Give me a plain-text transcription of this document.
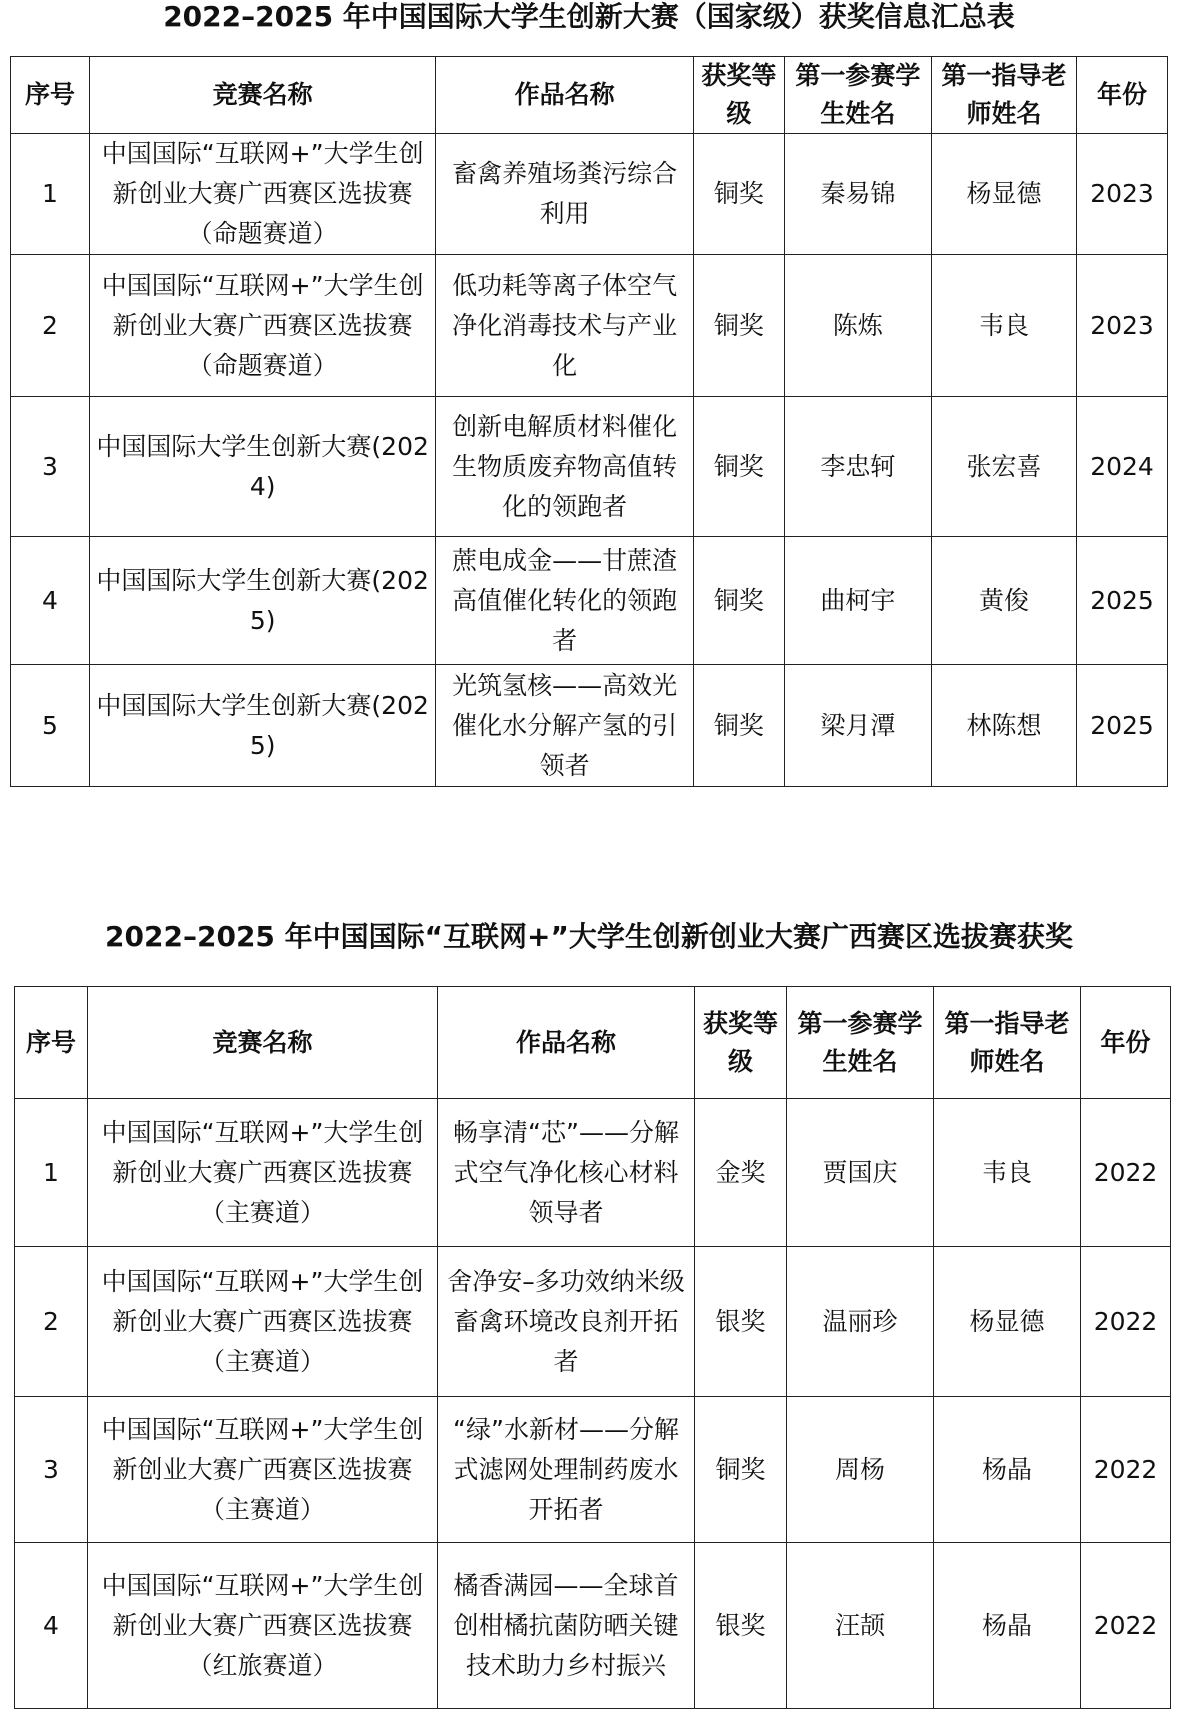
2022–2025 年中国国际大学生创新大赛（国家级）获奖信息汇总表
序号	竞赛名称	作品名称	获奖等级	第一参赛学生姓名	第一指导老师姓名	年份
1	中国国际“互联网+”大学生创新创业大赛广西赛区选拔赛（命题赛道）	畜禽养殖场粪污综合利用	铜奖	秦易锦	杨显德	2023
2	中国国际“互联网+”大学生创新创业大赛广西赛区选拔赛（命题赛道）	低功耗等离子体空气净化消毒技术与产业化	铜奖	陈炼	韦良	2023
3	中国国际大学生创新大赛(2024)	创新电解质材料催化生物质废弃物高值转化的领跑者	铜奖	李忠轲	张宏喜	2024
4	中国国际大学生创新大赛(2025)	蔗电成金——甘蔗渣高值催化转化的领跑者	铜奖	曲柯宇	黄俊	2025
5	中国国际大学生创新大赛(2025)	光筑氢核——高效光催化水分解产氢的引领者	铜奖	梁月潭	林陈想	2025
2022–2025 年中国国际“互联网+”大学生创新创业大赛广西赛区选拔赛获奖
序号	竞赛名称	作品名称	获奖等级	第一参赛学生姓名	第一指导老师姓名	年份
1	中国国际“互联网+”大学生创新创业大赛广西赛区选拔赛（主赛道）	畅享清“芯”——分解式空气净化核心材料领导者	金奖	贾国庆	韦良	2022
2	中国国际“互联网+”大学生创新创业大赛广西赛区选拔赛（主赛道）	舍净安–多功效纳米级畜禽环境改良剂开拓者	银奖	温丽珍	杨显德	2022
3	中国国际“互联网+”大学生创新创业大赛广西赛区选拔赛（主赛道）	“绿”水新材——分解式滤网处理制药废水开拓者	铜奖	周杨	杨晶	2022
4	中国国际“互联网+”大学生创新创业大赛广西赛区选拔赛（红旅赛道）	橘香满园——全球首创柑橘抗菌防晒关键技术助力乡村振兴	银奖	汪颉	杨晶	2022
